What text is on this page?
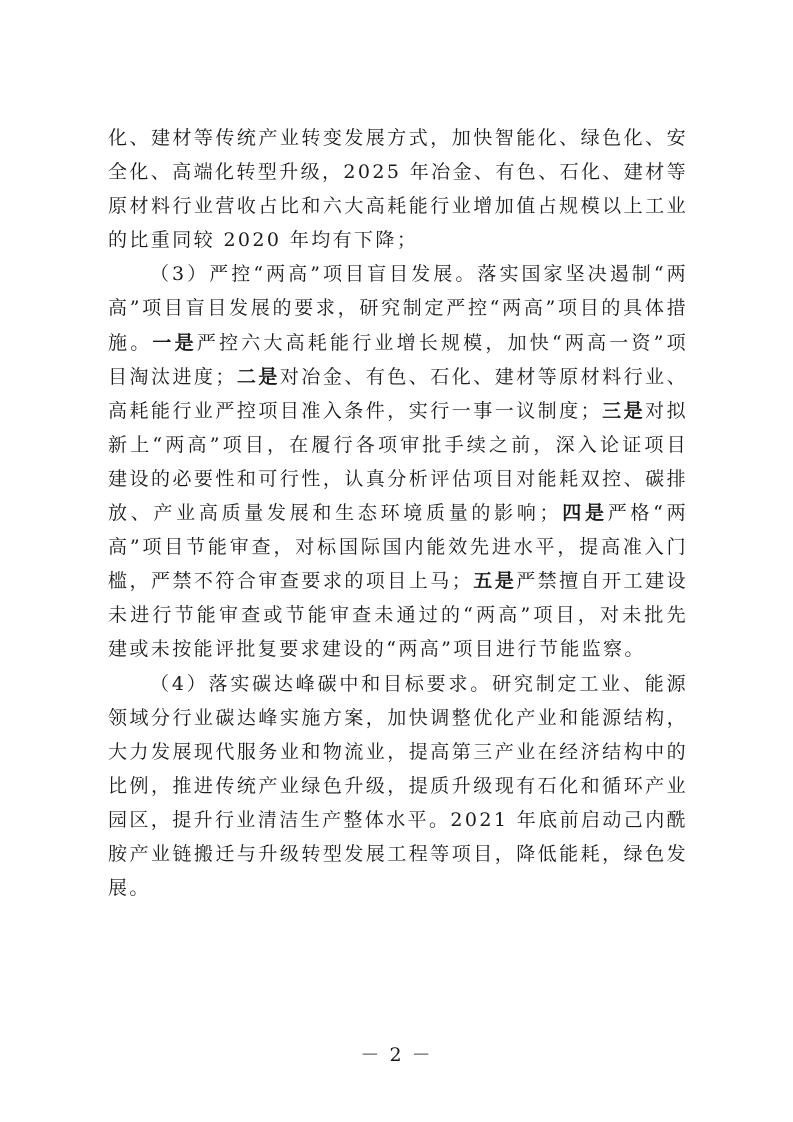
化、建材等传统产业转变发展方式，加快智能化、绿色化、安全化、高端化转型升级，2025 年冶金、有色、石化、建材等原材料行业营收占比和六大高耗能行业增加值占规模以上工业的比重同较 2020 年均有下降；

（3）严控“两高”项目盲目发展。落实国家坚决遏制“两高”项目盲目发展的要求，研究制定严控“两高”项目的具体措施。一是严控六大高耗能行业增长规模，加快“两高一资”项目淘汰进度；二是对冶金、有色、石化、建材等原材料行业、高耗能行业严控项目准入条件，实行一事一议制度；三是对拟新上“两高”项目，在履行各项审批手续之前，深入论证项目建设的必要性和可行性，认真分析评估项目对能耗双控、碳排放、产业高质量发展和生态环境质量的影响；四是严格“两高”项目节能审查，对标国际国内能效先进水平，提高准入门槛，严禁不符合审查要求的项目上马；五是严禁擅自开工建设未进行节能审查或节能审查未通过的“两高”项目，对未批先建或未按能评批复要求建设的“两高”项目进行节能监察。

（4）落实碳达峰碳中和目标要求。研究制定工业、能源领域分行业碳达峰实施方案，加快调整优化产业和能源结构，大力发展现代服务业和物流业，提高第三产业在经济结构中的比例，推进传统产业绿色升级，提质升级现有石化和循环产业园区，提升行业清洁生产整体水平。2021 年底前启动己内酰胺产业链搬迁与升级转型发展工程等项目，降低能耗，绿色发展。

－ 2 －
